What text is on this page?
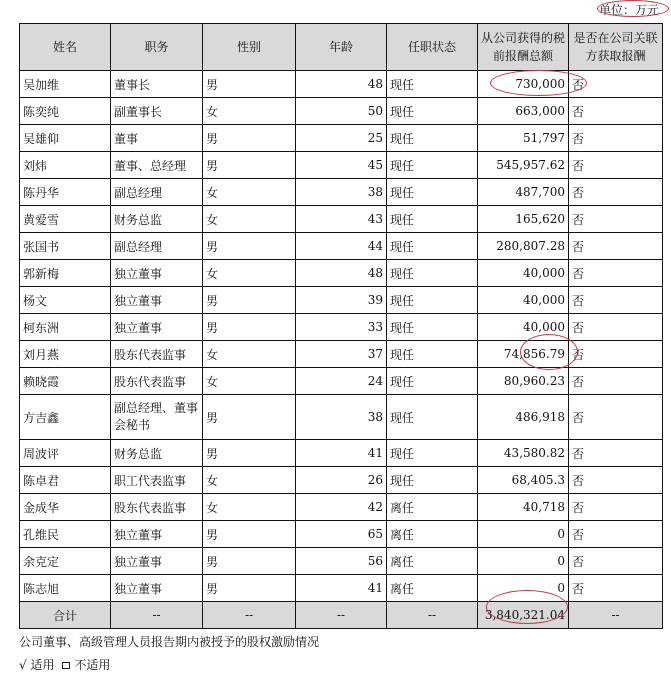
单位：万元
姓名	职务	性别	年龄	任职状态	从公司获得的税前报酬总额	是否在公司关联方获取报酬
吴加维	董事长	男	48	现任	730,000	否
陈奕纯	副董事长	女	50	现任	663,000	否
吴雄仰	董事	男	25	现任	51,797	否
刘炜	董事、总经理	男	45	现任	545,957.62	否
陈丹华	副总经理	女	38	现任	487,700	否
黄爱雪	财务总监	女	43	现任	165,620	否
张国书	副总经理	男	44	现任	280,807.28	否
郭新梅	独立董事	女	48	现任	40,000	否
杨文	独立董事	男	39	现任	40,000	否
柯东洲	独立董事	男	33	现任	40,000	否
刘月燕	股东代表监事	女	37	现任	74,856.79	否
赖晓霞	股东代表监事	女	24	现任	80,960.23	否
方吉鑫	副总经理、董事会秘书	男	38	现任	486,918	否
周波评	财务总监	男	41	现任	43,580.82	否
陈卓君	职工代表监事	女	26	现任	68,405.3	否
金成华	股东代表监事	女	42	离任	40,718	否
孔维民	独立董事	男	65	离任	0	否
余克定	独立董事	男	56	离任	0	否
陈志旭	独立董事	男	41	离任	0	否
合计	--	--	--	--	3,840,321.04	--
公司董事、高级管理人员报告期内被授予的股权激励情况
√ 适用 不适用
